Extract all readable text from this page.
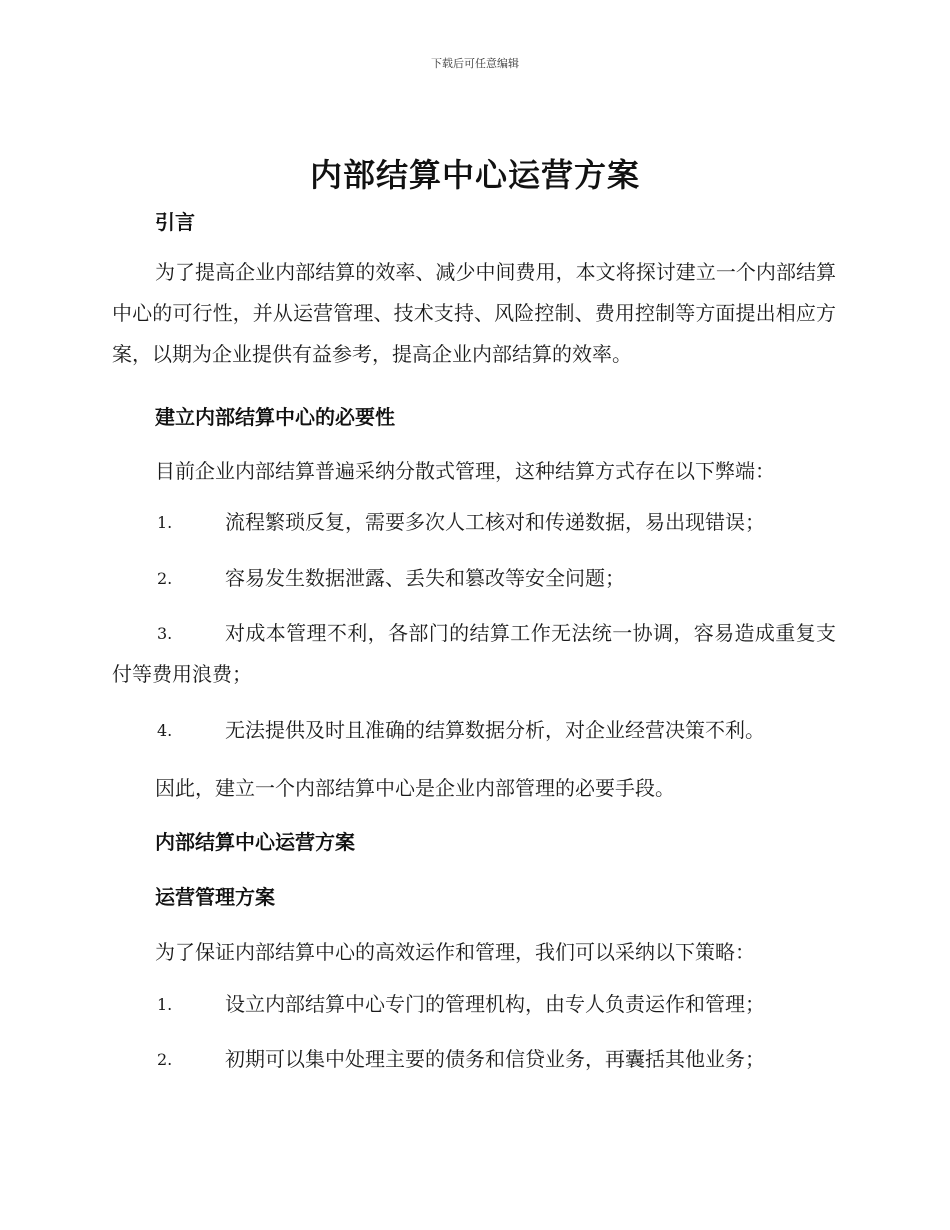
下载后可任意编辑
内部结算中心运营方案
引言

为了提高企业内部结算的效率、减少中间费用，本文将探讨建立一个内部结算中心的可行性，并从运营管理、技术支持、风险控制、费用控制等方面提出相应方案，以期为企业提供有益参考，提高企业内部结算的效率。

建立内部结算中心的必要性
目前企业内部结算普遍采纳分散式管理，这种结算方式存在以下弊端：
1.	流程繁琐反复，需要多次人工核对和传递数据，易出现错误；
2.	容易发生数据泄露、丢失和篡改等安全问题；
3.	对成本管理不利，各部门的结算工作无法统一协调，容易造成重复支付等费用浪费；
4.	无法提供及时且准确的结算数据分析，对企业经营决策不利。
因此，建立一个内部结算中心是企业内部管理的必要手段。
内部结算中心运营方案
运营管理方案
为了保证内部结算中心的高效运作和管理，我们可以采纳以下策略：
1.	设立内部结算中心专门的管理机构，由专人负责运作和管理；
2.	初期可以集中处理主要的债务和信贷业务，再囊括其他业务；
